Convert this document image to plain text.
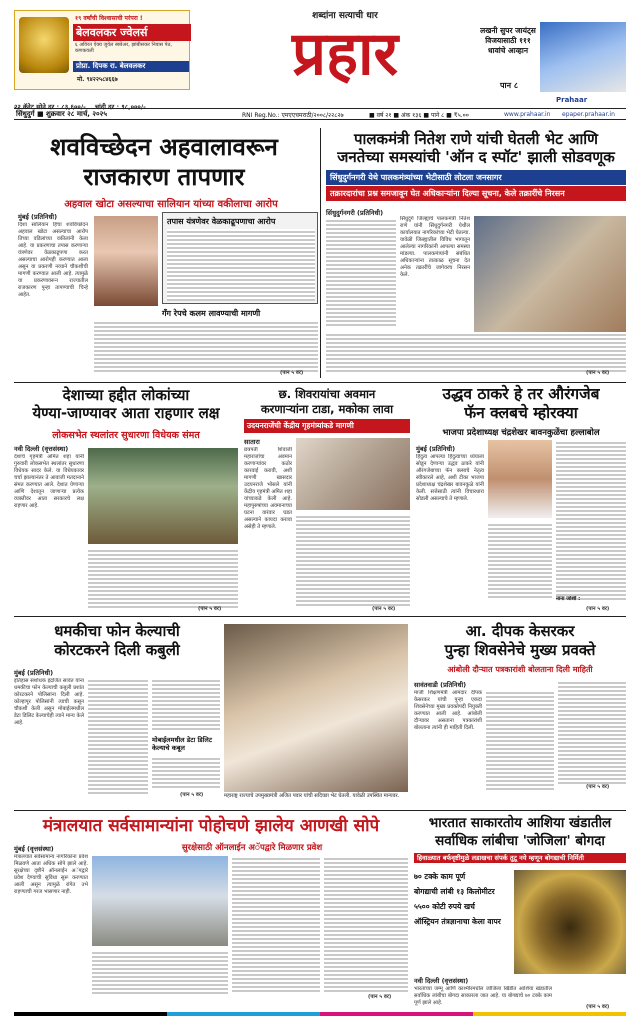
१९ वर्षांची विश्वासाची परंपरा !
बेलवलकर ज्वेलर्स
६ अविरत ऐक्य जुवेल स्क्वेअर, झांबीसकर निवास पेठ, कणकवली
प्रोप्रा. दिपक रा. बेलवलकर
मो. ९४२२५८४६६७
शब्दांना सत्याची धार
प्रहार	लखनी सुपर जायंट्स विजयासाठी १११ धावांचे आव्हान
पान ८
२२ कॅरेट सोने दर : ८३,६००/- चांदी दर : ९८,०००/-
सिंधुदुर्ग ■ शुक्रवार २८ मार्च, २०२५	RNI Reg.No.: एमएएचमराठी/२००८/२२८२७	■ वर्ष २१ ■ अंक १३६ ■ पाने ८ ■ ₹५.००	www.prahaar.in epaper.prahaar.in
Prahaar
शवविच्छेदन अहवालावरून राजकारण तापणार
अहवाल खोटा असल्याचा सालियान यांच्या वकीलाचा आरोप
मुंबई (प्रतिनिधी)
दिशा सालियान हिचा शवविच्छेदन अहवाल खोटा असल्याचा आरोप तिच्या वडिलांच्या वकीलांनी केला आहे. या प्रकरणाचा तपास करणाऱ्या यंत्रणेवर वेळकाढूपणा करत असल्याचा आरोपही करण्यात आला असून या प्रकरणी नव्याने चौकशीची मागणी करण्यात आली आहे. त्यामुळे या प्रकरणावरून राज्यातील राजकारण पुन्हा तापण्याची चिन्हे आहेत.
तपास यंत्रणेवर वेळकाढूपणाचा आरोप
गँग रेपचे कलम लावण्याची मागणी
(पान ५ वर)
पालकमंत्री नितेश राणे यांची घेतली भेट आणि
जनतेच्या समस्यांची 'ऑन द स्पॉट' झाली सोडवणूक
सिंधुदुर्गनगरी येथे पालकमंत्र्यांच्या भेटीसाठी लोटला जनसागर
तक्रारदारांचा प्रश्न समजावून घेत अधिकाऱ्यांना दिल्या सूचना, केले तक्रारींचे निरसन
सिंधुदुर्गनगरी (प्रतिनिधी)
सिंधुदुर्ग जिल्ह्याचे पालकमंत्री नितेश राणे यांनी सिंधुदुर्गनगरी येथील कार्यालयात नागरिकांच्या भेटी घेतल्या. यावेळी जिल्ह्यातील विविध भागातून आलेल्या नागरिकांनी आपल्या समस्या मांडल्या. पालकमंत्र्यांनी संबंधित अधिकाऱ्यांना तात्काळ सूचना देत अनेक तक्रारींचे जागेवरच निरसन केले.
(पान ५ वर)
देशाच्या हद्दीत लोकांच्या
येण्या-जाण्यावर आता राहणार लक्ष
लोकसभेत स्थलांतर सुधारणा विधेयक संमत
नवी दिल्ली (वृत्तसंस्था)
देशाचे गृहमंत्री अमित शहा यांनी गुरुवारी लोकसभेत स्थलांतर सुधारणा विधेयक सादर केले. या विधेयकावर चर्चा झाल्यानंतर ते आवाजी मतदानाने संमत करण्यात आले. देशात येणाऱ्या आणि देशातून जाणाऱ्या प्रत्येक व्यक्तीवर आता सरकारचे लक्ष राहणार आहे.
(पान ५ वर)
छ. शिवरायांचा अवमान
करणाऱ्यांना टाडा, मकोका लावा
उदयनराजेंची केंद्रीय गृहमंत्र्यांकडे मागणी
सातारा
छत्रपती शिवाजी महाराजांचा अवमान करणाऱ्यांवर कठोर कारवाई करावी, अशी मागणी खासदार उदयनराजे भोसले यांनी केंद्रीय गृहमंत्री अमित शहा यांच्याकडे केली आहे. महापुरुषांच्या अवमानाच्या घटना वारंवार घडत असल्याने कायदा करावा असेही ते म्हणाले.
(पान ५ वर)
उद्धव ठाकरे हे तर औरंगजेब
फॅन क्लबचे म्होरक्या
भाजपा प्रदेशाध्यक्ष चंद्रशेखर बावनकुळेंचा हल्लाबोल
मुंबई (प्रतिनिधी)
हिंदुत्व आपल्या हिंदुत्वाच्या ध्येयाला सोडून देणाऱ्या उद्धव ठाकरे यांनी औरंगजेबाच्या फॅन क्लबचे नेतृत्व स्वीकारले आहे, अशी टीका भाजपा प्रदेशाध्यक्ष चंद्रशेखर बावनकुळे यांनी केली. सत्तेसाठी त्यांनी विचारधारा सोडली असल्याचे ते म्हणाले.
नाना जोशी :
(पान ५ वर)
धमकीचा फोन केल्याची
कोरटकरने दिली कबुली
मुंबई (प्रतिनिधी)
इतिहास संशोधक इंद्रजित सावंत यांना धमकीचा फोन केल्याची कबुली प्रशांत कोरटकरने पोलिसांना दिली आहे. कोल्हापूर पोलिसांनी त्याची कसून चौकशी केली असून मोबाईलमधील डेटा डिलिट केल्याचेही त्याने मान्य केले आहे.
मोबाईलमधील डेटा डिलिट केल्याचे कबूल
(पान ५ वर)	महाराष्ट्र राज्याचे उपमुख्यमंत्री अजित पवार यांची सदिच्छा भेट घेतली. यावेळी उपस्थित मान्यवर.
आ. दीपक केसरकर
पुन्हा शिवसेनेचे मुख्य प्रवक्ते
आंबोली दौऱ्यात पत्रकारांशी बोलताना दिली माहिती
सावंतवाडी (प्रतिनिधी)
माजी शिक्षणमंत्री आमदार दीपक केसरकर यांची पुन्हा एकदा शिवसेनेच्या मुख्य प्रवक्तेपदी नियुक्ती करण्यात आली आहे. आंबोली दौऱ्यावर असताना पत्रकारांशी बोलताना त्यांनी ही माहिती दिली.
(पान ५ वर)
मंत्रालयात सर्वसामान्यांना पोहोचणे झालेय आणखी सोपे
मुंबई (वृत्तसंस्था)	सुरक्षेसाठी ऑनलाईन अॅपद्वारे मिळणार प्रवेश
मंत्रालयात सर्वसामान्य नागरिकांना प्रवेश मिळवणे आता अधिक सोपे झाले आहे. सुरक्षेच्या दृष्टीने ऑनलाईन अॅपद्वारे प्रवेश देण्याची सुविधा सुरू करण्यात आली असून त्यामुळे रांगेत उभे राहण्याची गरज भासणार नाही.
(पान ५ वर)
भारतात साकारतोय आशिया खंडातील
सर्वाधिक लांबीचा 'जोजिला' बोगदा
हिवाळ्यात बर्फवृष्टीमुळे लडाखचा संपर्क तुटू नये म्हणून बोगद्याची निर्मिती
७० टक्के काम पूर्ण
बोगद्याची लांबी १३ किलोमीटर
५५०० कोटी रुपये खर्च
ऑस्ट्रियन तंत्रज्ञानाचा केला वापर
नवी दिल्ली (वृत्तसंस्था)
भारताच्या जम्मू आणि काश्मीरमधील जोजिला खिंडीत आशिया खंडातील सर्वाधिक लांबीचा बोगदा साकारला जात आहे. या बोगद्याचे ७० टक्के काम पूर्ण झाले आहे.
(पान ५ वर)
